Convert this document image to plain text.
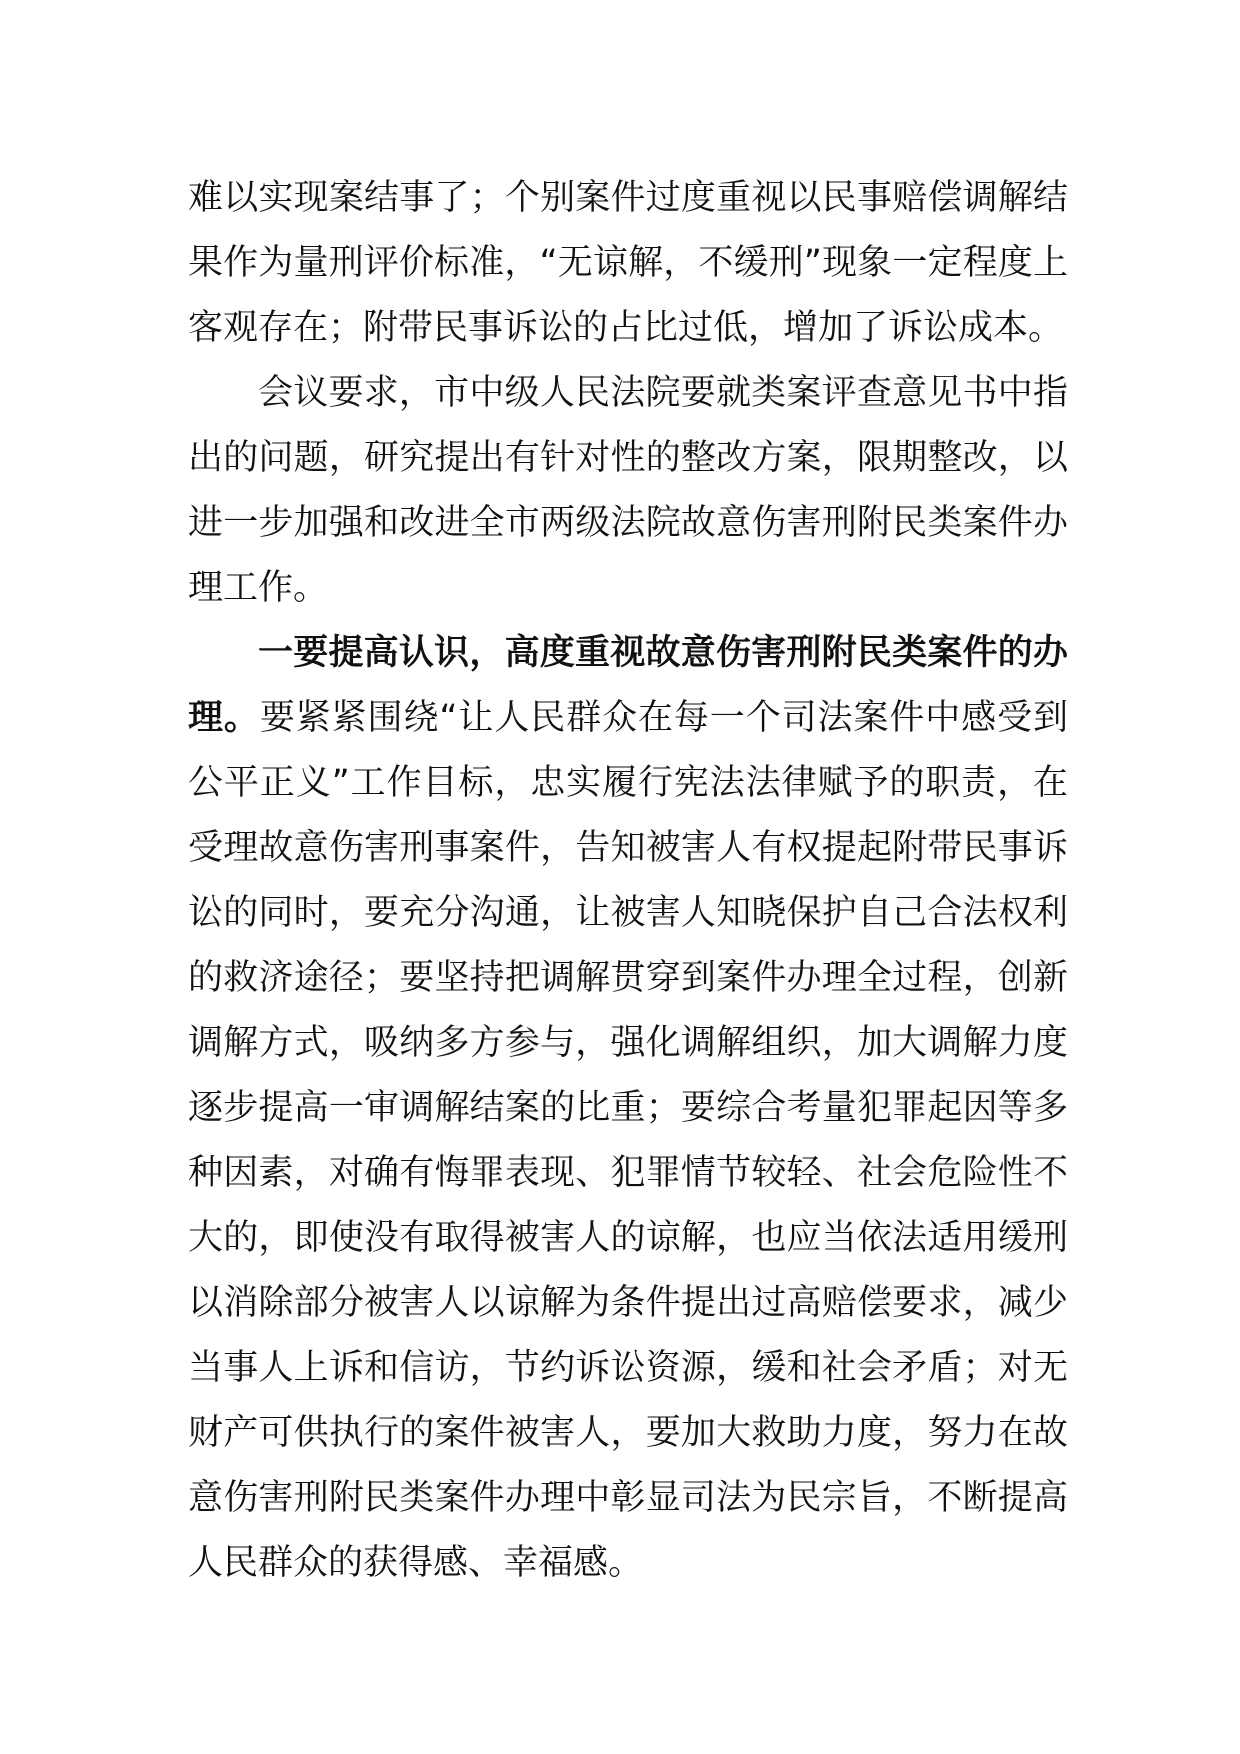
难以实现案结事了；个别案件过度重视以民事赔偿调解结果作为量刑评价标准，“无谅解，不缓刑”现象一定程度上客观存在；附带民事诉讼的占比过低，增加了诉讼成本。

会议要求，市中级人民法院要就类案评查意见书中指出的问题，研究提出有针对性的整改方案，限期整改，以进一步加强和改进全市两级法院故意伤害刑附民类案件办理工作。

一要提高认识，高度重视故意伤害刑附民类案件的办理。要紧紧围绕“让人民群众在每一个司法案件中感受到公平正义”工作目标，忠实履行宪法法律赋予的职责，在受理故意伤害刑事案件，告知被害人有权提起附带民事诉讼的同时，要充分沟通，让被害人知晓保护自己合法权利的救济途径；要坚持把调解贯穿到案件办理全过程，创新调解方式，吸纳多方参与，强化调解组织，加大调解力度逐步提高一审调解结案的比重；要综合考量犯罪起因等多种因素，对确有悔罪表现、犯罪情节较轻、社会危险性不大的，即使没有取得被害人的谅解，也应当依法适用缓刑以消除部分被害人以谅解为条件提出过高赔偿要求，减少当事人上诉和信访，节约诉讼资源，缓和社会矛盾；对无财产可供执行的案件被害人，要加大救助力度，努力在故意伤害刑附民类案件办理中彰显司法为民宗旨，不断提高人民群众的获得感、幸福感。
